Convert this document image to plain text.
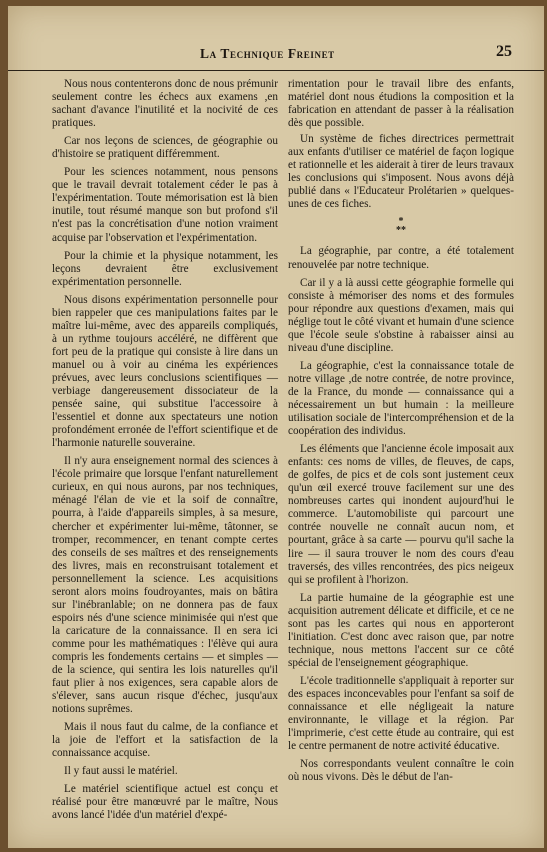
La Technique Freinet	25

Nous nous contenterons donc de nous prémunir seulement contre les échecs aux examens ,en sachant d'avance l'inutilité et la nocivité de ces pratiques.

Car nos leçons de sciences, de géographie ou d'histoire se pratiquent différemment.

Pour les sciences notamment, nous pensons que le travail devrait totalement céder le pas à l'expérimentation. Toute mémorisation est là bien inutile, tout résumé manque son but profond s'il n'est pas la concrétisation d'une notion vraiment acquise par l'observation et l'expérimentation.

Pour la chimie et la physique notamment, les leçons devraient être exclusivement expérimentation personnelle.

Nous disons expérimentation personnelle pour bien rappeler que ces manipulations faites par le maître lui-même, avec des appareils compliqués, à un rythme toujours accéléré, ne diffèrent que fort peu de la pratique qui consiste à lire dans un manuel ou à voir au cinéma les expériences prévues, avec leurs conclusions scientifiques — verbiage dangereusement dissociateur de la pensée saine, qui substitue l'accessoire à l'essentiel et donne aux spectateurs une notion profondément erronée de l'effort scientifique et de l'harmonie naturelle souveraine.

Il n'y aura enseignement normal des sciences à l'école primaire que lorsque l'enfant naturellement curieux, en qui nous aurons, par nos techniques, ménagé l'élan de vie et la soif de connaître, pourra, à l'aide d'appareils simples, à sa mesure, chercher et expérimenter lui-même, tâtonner, se tromper, recommencer, en tenant compte certes des conseils de ses maîtres et des renseignements des livres, mais en reconstruisant totalement et personnellement la science. Les acquisitions seront alors moins foudroyantes, mais on bâtira sur l'inébranlable; on ne donnera pas de faux espoirs nés d'une science minimisée qui n'est que la caricature de la connaissance. Il en sera ici comme pour les mathématiques : l'élève qui aura compris les fondements certains — et simples — de la science, qui sentira les lois naturelles qu'il faut plier à nos exigences, sera capable alors de s'élever, sans aucun risque d'échec, jusqu'aux notions suprêmes.

Mais il nous faut du calme, de la confiance et la joie de l'effort et la satisfaction de la connaissance acquise.

Il y faut aussi le matériel.

Le matériel scientifique actuel est conçu et réalisé pour être manœuvré par le maître, Nous avons lancé l'idée d'un matériel d'expé-

rimentation pour le travail libre des enfants, matériel dont nous étudions la composition et la fabrication en attendant de passer à la réalisation dès que possible.

Un système de fiches directrices permettrait aux enfants d'utiliser ce matériel de façon logique et rationnelle et les aiderait à tirer de leurs travaux les conclusions qui s'imposent. Nous avons déjà publié dans « l'Educateur Prolétarien » quelques-unes de ces fiches.

*
**

La géographie, par contre, a été totalement renouvelée par notre technique.

Car il y a là aussi cette géographie formelle qui consiste à mémoriser des noms et des formules pour répondre aux questions d'examen, mais qui néglige tout le côté vivant et humain d'une science que l'école seule s'obstine à rabaisser ainsi au niveau d'une discipline.

La géographie, c'est la connaissance totale de notre village ,de notre contrée, de notre province, de la France, du monde — connaissance qui a nécessairement un but humain : la meilleure utilisation sociale de l'intercompréhension et de la coopération des individus.

Les éléments que l'ancienne école imposait aux enfants: ces noms de villes, de fleuves, de caps, de golfes, de pics et de cols sont justement ceux qu'un œil exercé trouve facilement sur une des nombreuses cartes qui inondent aujourd'hui le commerce. L'automobiliste qui parcourt une contrée nouvelle ne connaît aucun nom, et pourtant, grâce à sa carte — pourvu qu'il sache la lire — il saura trouver le nom des cours d'eau traversés, des villes rencontrées, des pics neigeux qui se profilent à l'horizon.

La partie humaine de la géographie est une acquisition autrement délicate et difficile, et ce ne sont pas les cartes qui nous en apporteront l'initiation. C'est donc avec raison que, par notre technique, nous mettons l'accent sur ce côté spécial de l'enseignement géographique.

L'école traditionnelle s'appliquait à reporter sur des espaces inconcevables pour l'enfant sa soif de connaissance et elle négligeait la nature environnante, le village et la région. Par l'imprimerie, c'est cette étude au contraire, qui est le centre permanent de notre activité éducative.

Nos correspondants veulent connaître le coin où nous vivons. Dès le début de l'an-
